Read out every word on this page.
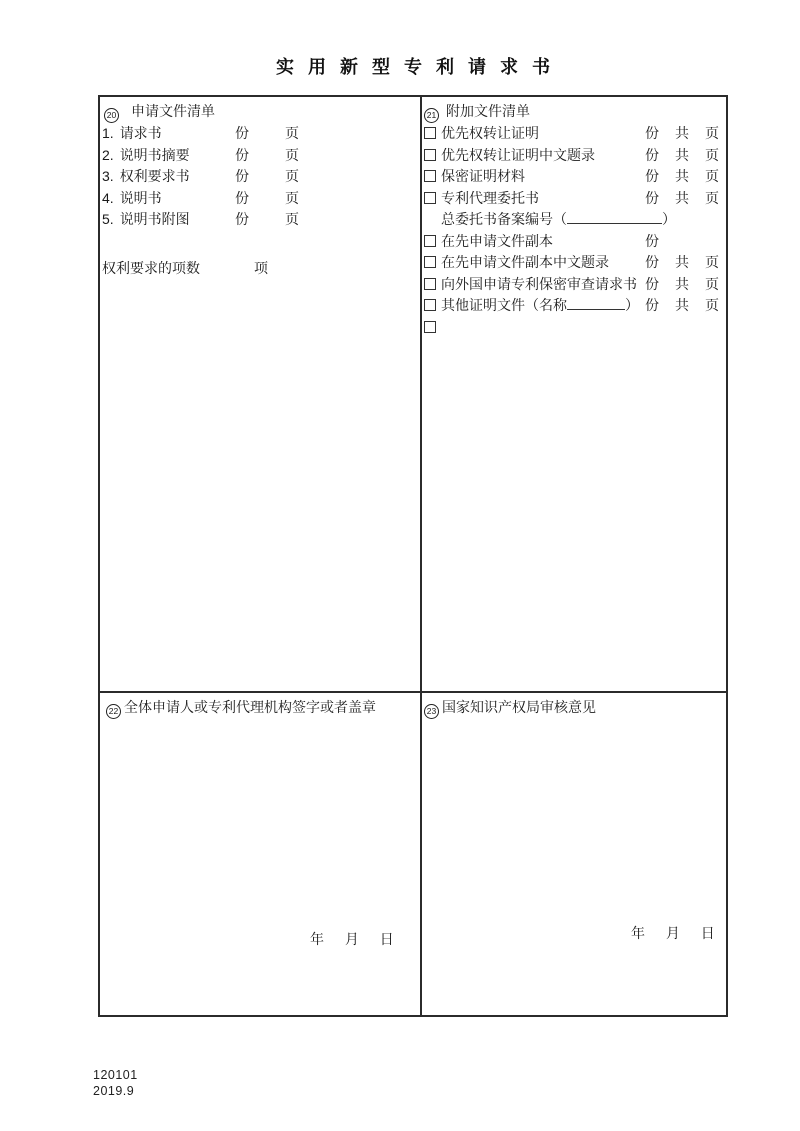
实用新型专利请求书
20 申请文件清单
1. 请求书	份	页
2. 说明书摘要	份	页
3. 权利要求书	份	页
4. 说明书	份	页
5. 说明书附图	份	页
权利要求的项数	项
21 附加文件清单
优先权转让证明	份 共 页
优先权转让证明中文题录	份 共 页
保密证明材料	份 共 页
专利代理委托书	份 共 页
总委托书备案编号（	）
在先申请文件副本	份
在先申请文件副本中文题录	份 共 页
向外国申请专利保密审查请求书 份 共 页
其他证明文件（名称	） 份 共 页
22 全体申请人或专利代理机构签字或者盖章
年 月 日
23 国家知识产权局审核意见
年 月 日
120101
2019.9
